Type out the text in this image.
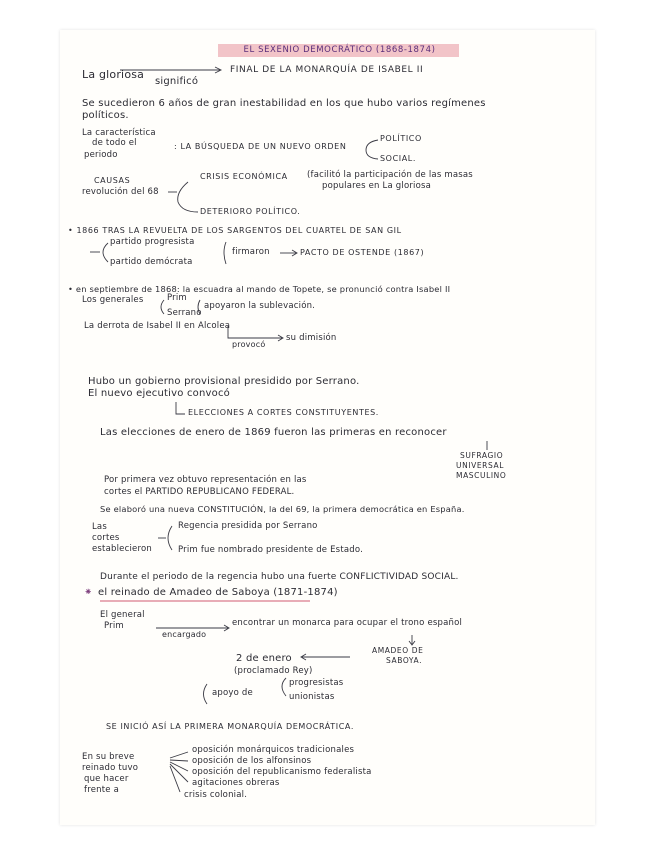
EL SEXENIO DEMOCRÁTICO (1868-1874)
La gloriosa
significó
FINAL DE LA MONARQUÍA DE ISABEL II
Se sucedieron 6 años de gran inestabilidad en los que hubo varios regímenes
políticos.
La característica
de todo el
periodo
: LA BÚSQUEDA DE UN NUEVO ORDEN
POLÍTICO
SOCIAL.
CAUSAS
revolución del 68
CRISIS ECONÓMICA (facilitó la participación de las masas
populares en La gloriosa
DETERIORO POLÍTICO.
• 1866 TRAS LA REVUELTA DE LOS SARGENTOS DEL CUARTEL DE SAN GIL
partido progresista
partido demócrata
firmaron	PACTO DE OSTENDE (1867)
• en septiembre de 1868: la escuadra al mando de Topete, se pronunció contra Isabel II
Los generales	Prim
Serrano
apoyaron la sublevación.
La derrota de Isabel II en Alcolea
provocó
su dimisión
Hubo un gobierno provisional presidido por Serrano.
El nuevo ejecutivo convocó
ELECCIONES A CORTES CONSTITUYENTES.
Las elecciones de enero de 1869 fueron las primeras en reconocer
SUFRAGIO
UNIVERSAL
MASCULINO
Por primera vez obtuvo representación en las
cortes el PARTIDO REPUBLICANO FEDERAL.
Se elaboró una nueva CONSTITUCIÓN, la del 69, la primera democrática en España.
Las
cortes
establecieron
Regencia presidida por Serrano
Prim fue nombrado presidente de Estado.
Durante el periodo de la regencia hubo una fuerte CONFLICTIVIDAD SOCIAL.
⁕ el reinado de Amadeo de Saboya (1871-1874)
El general
Prim
encargado
encontrar un monarca para ocupar el trono español
AMADEO DE
SABOYA.
2 de enero
(proclamado Rey)
apoyo de
progresistas
unionistas
SE INICIÓ ASÍ LA PRIMERA MONARQUÍA DEMOCRÁTICA.
En su breve
reinado tuvo
que hacer
frente a
oposición monárquicos tradicionales
oposición de los alfonsinos
oposición del republicanismo federalista
agitaciones obreras
crisis colonial.
